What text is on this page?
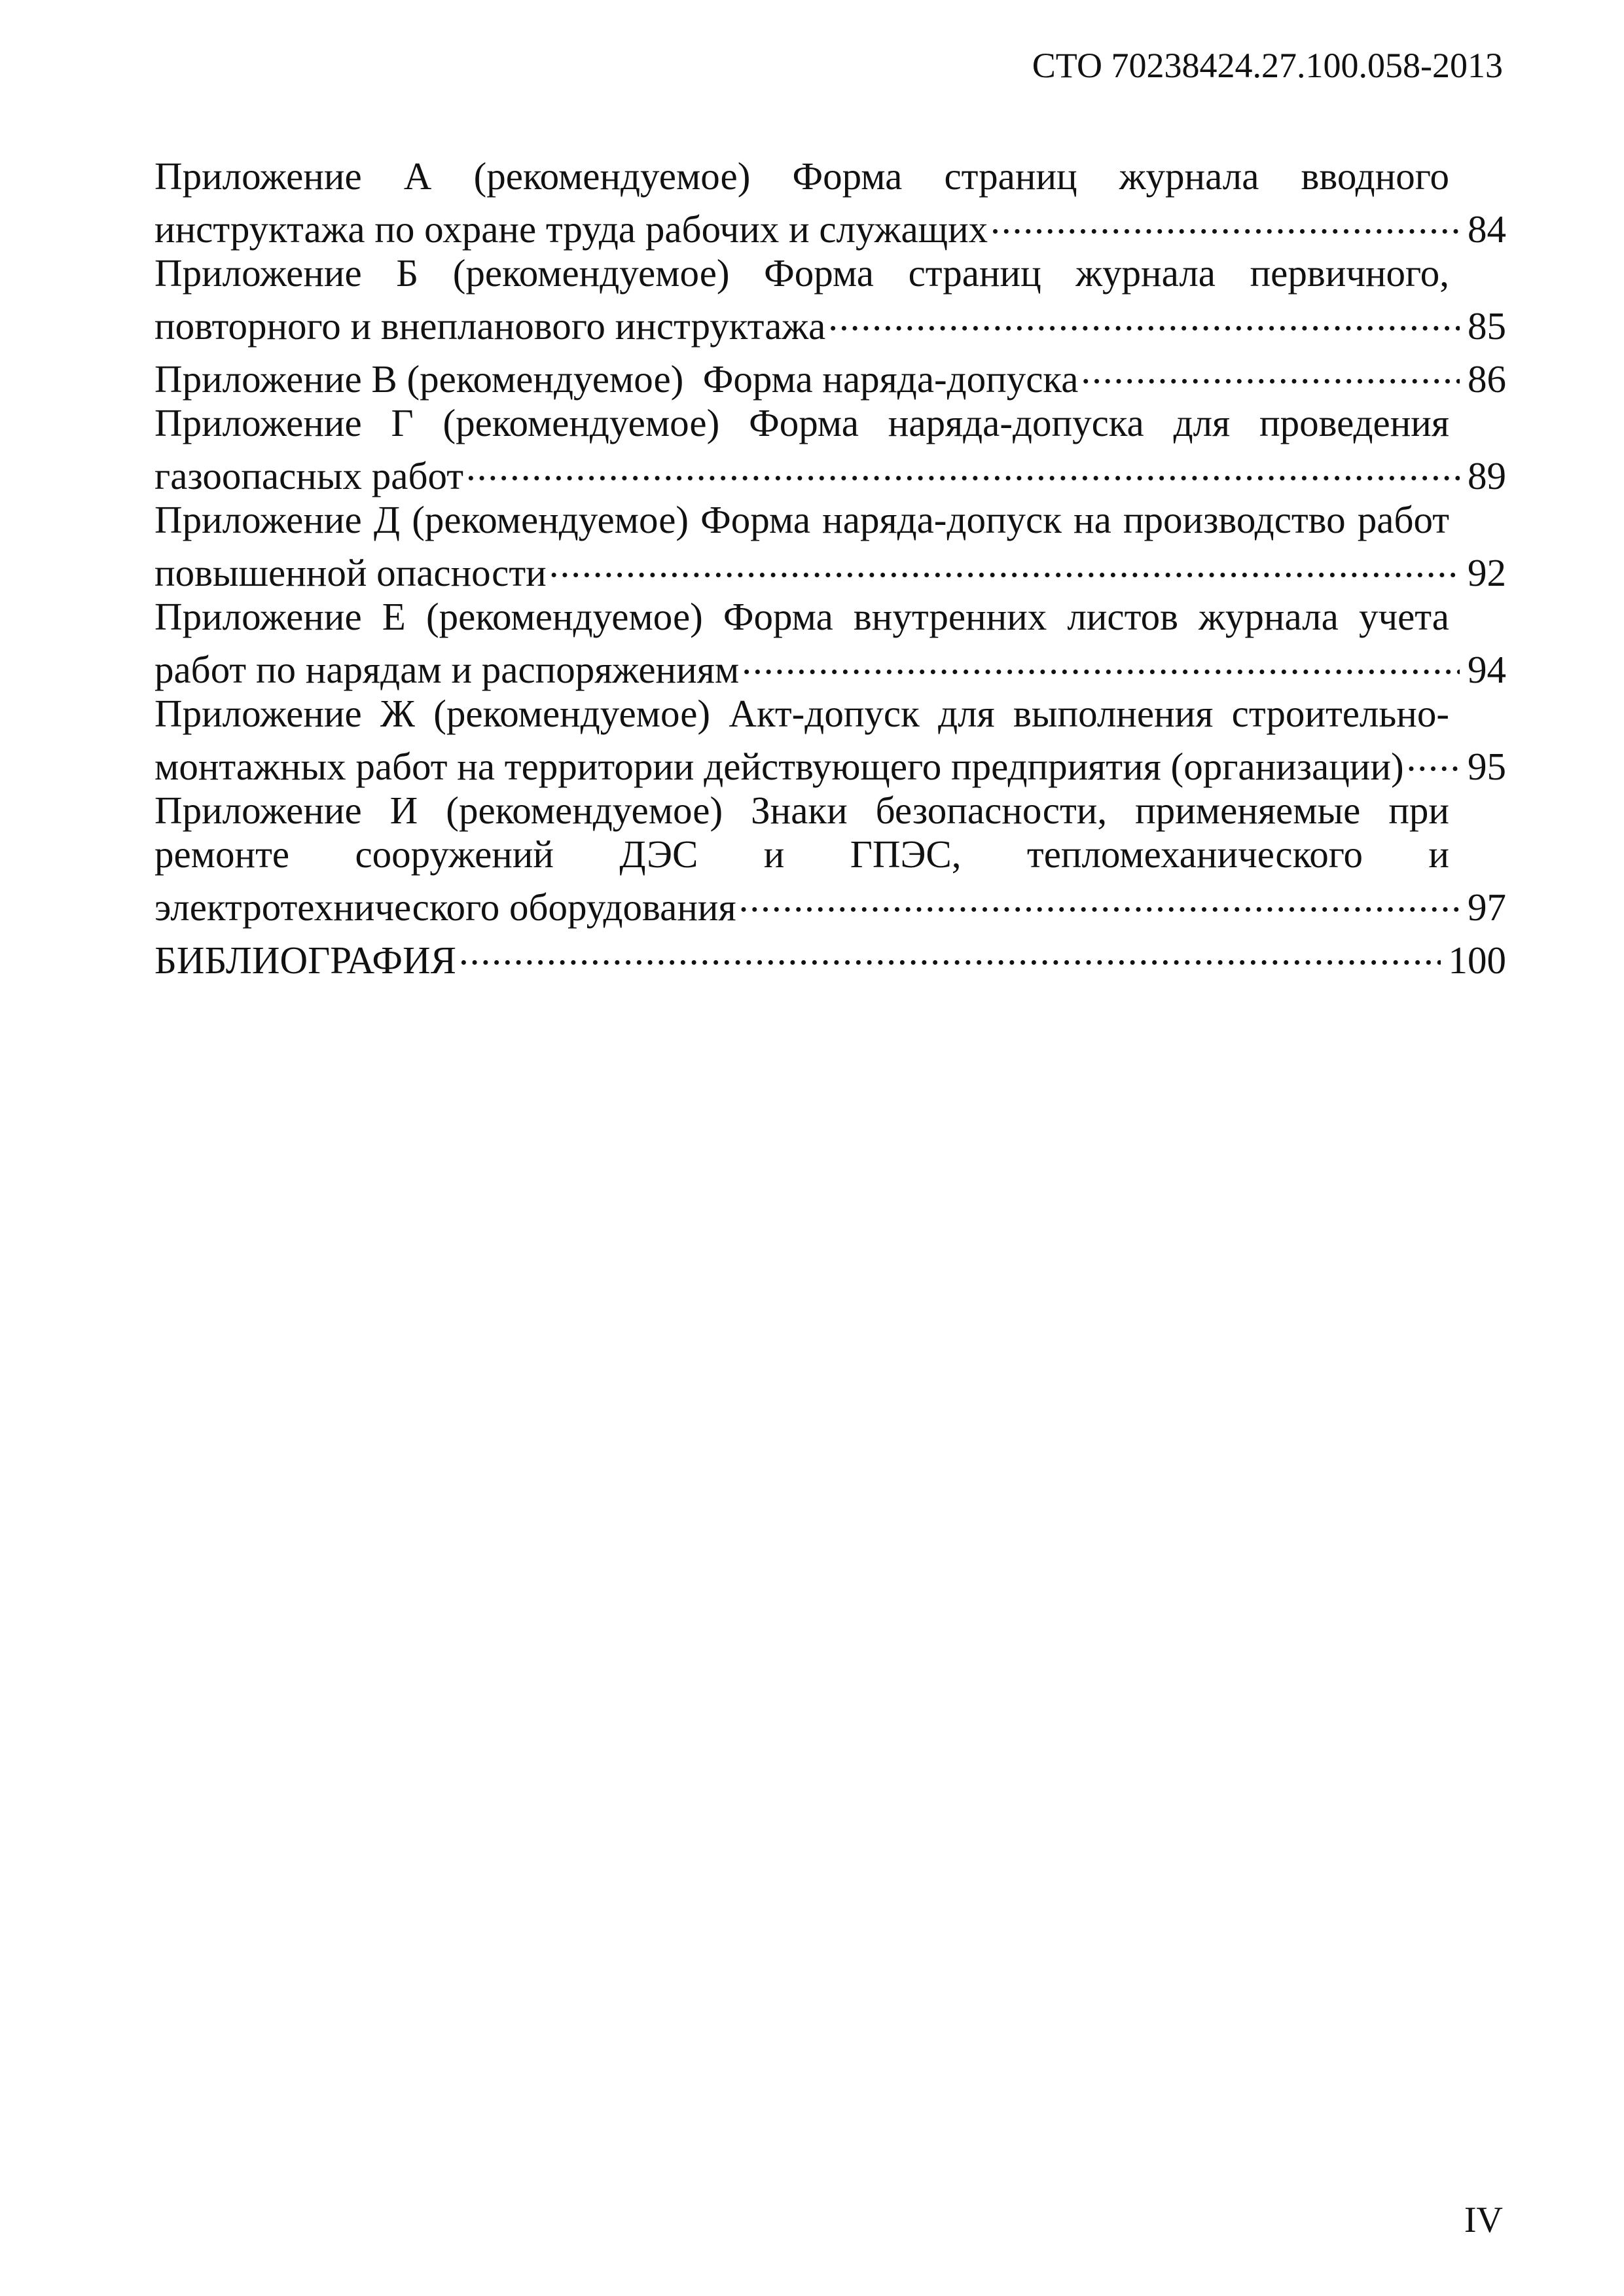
СТО 70238424.27.100.058-2013
Приложение А (рекомендуемое) Форма страниц журнала вводного
инструктажа по охране труда рабочих и служащих .....	84
Приложение Б (рекомендуемое) Форма страниц журнала первичного,
повторного и внепланового инструктажа .....	85
Приложение В (рекомендуемое)  Форма наряда-допуска .....	86
Приложение Г (рекомендуемое) Форма наряда-допуска для проведения
газоопасных работ .....	89
Приложение Д (рекомендуемое) Форма наряда-допуск на производство работ
повышенной опасности .....	92
Приложение Е (рекомендуемое) Форма внутренних листов журнала учета
работ по нарядам и распоряжениям .....	94
Приложение Ж (рекомендуемое) Акт-допуск для выполнения строительно-
монтажных работ на территории действующего предприятия (организации) ..... 95
Приложение И (рекомендуемое) Знаки безопасности, применяемые при
ремонте сооружений ДЭС и ГПЭС, тепломеханического и
электротехнического оборудования .....	97
БИБЛИОГРАФИЯ .....	100
IV
